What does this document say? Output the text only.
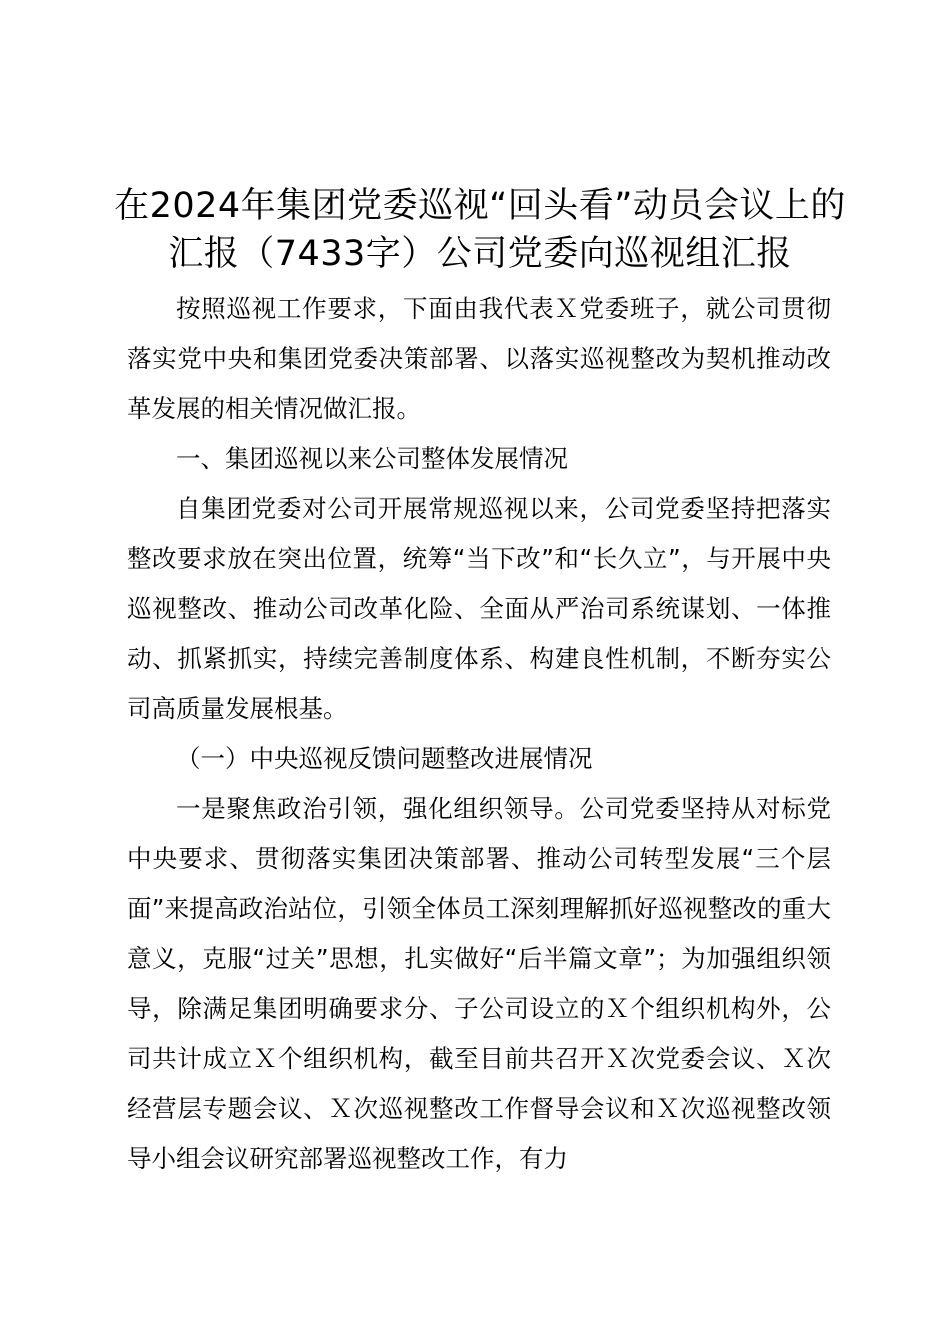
在2024年集团党委巡视“回头看”动员会议上的汇报（7433字）公司党委向巡视组汇报

按照巡视工作要求，下面由我代表Ｘ党委班子，就公司贯彻落实党中央和集团党委决策部署、以落实巡视整改为契机推动改革发展的相关情况做汇报。

一、集团巡视以来公司整体发展情况

自集团党委对公司开展常规巡视以来，公司党委坚持把落实整改要求放在突出位置，统筹“当下改”和“长久立”，与开展中央巡视整改、推动公司改革化险、全面从严治司系统谋划、一体推动、抓紧抓实，持续完善制度体系、构建良性机制，不断夯实公司高质量发展根基。

（一）中央巡视反馈问题整改进展情况

一是聚焦政治引领，强化组织领导。公司党委坚持从对标党中央要求、贯彻落实集团决策部署、推动公司转型发展“三个层面”来提高政治站位，引领全体员工深刻理解抓好巡视整改的重大意义，克服“过关”思想，扎实做好“后半篇文章”；为加强组织领导，除满足集团明确要求分、子公司设立的Ｘ个组织机构外，公司共计成立Ｘ个组织机构，截至目前共召开Ｘ次党委会议、Ｘ次经营层专题会议、Ｘ次巡视整改工作督导会议和Ｘ次巡视整改领导小组会议研究部署巡视整改工作，有力
